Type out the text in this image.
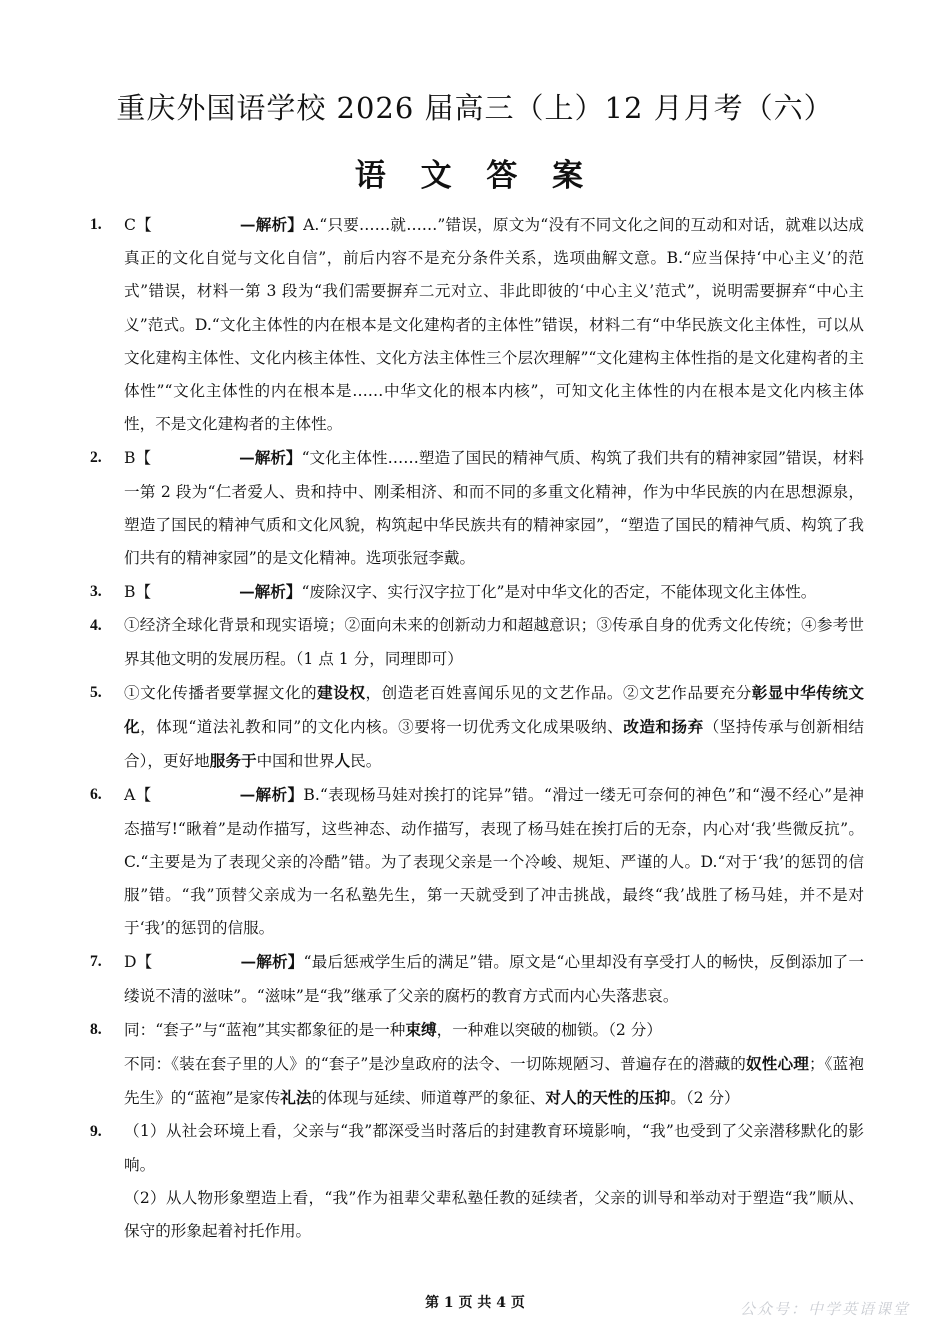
重庆外国语学校 2026 届高三（上）12 月月考（六）
语 文 答 案
1. C【	—解析】A.“只要……就……”错误，原文为“没有不同文化之间的互动和对话，就难以达成真正的文化自觉与文化自信”，前后内容不是充分条件关系，选项曲解文意。B.“应当保持‘中心主义’的范式”错误，材料一第 3 段为“我们需要摒弃二元对立、非此即彼的‘中心主义’范式”，说明需要摒弃“中心主义”范式。D.“文化主体性的内在根本是文化建构者的主体性”错误，材料二有“中华民族文化主体性，可以从文化建构主体性、文化内核主体性、文化方法主体性三个层次理解”“文化建构主体性指的是文化建构者的主体性”“文化主体性的内在根本是……中华文化的根本内核”，可知文化主体性的内在根本是文化内核主体性，不是文化建构者的主体性。

2. B【	—解析】“文化主体性……塑造了国民的精神气质、构筑了我们共有的精神家园”错误，材料一第 2 段为“仁者爱人、贵和持中、刚柔相济、和而不同的多重文化精神，作为中华民族的内在思想源泉，塑造了国民的精神气质和文化风貌，构筑起中华民族共有的精神家园”，“塑造了国民的精神气质、构筑了我们共有的精神家园”的是文化精神。选项张冠李戴。

3. B【	—解析】“废除汉字、实行汉字拉丁化”是对中华文化的否定，不能体现文化主体性。

4. ①经济全球化背景和现实语境；②面向未来的创新动力和超越意识；③传承自身的优秀文化传统；④参考世界其他文明的发展历程。（1 点 1 分，同理即可）

5. ①文化传播者要掌握文化的建设权，创造老百姓喜闻乐见的文艺作品。②文艺作品要充分彰显中华传统文化，体现“道法礼教和同”的文化内核。③要将一切优秀文化成果吸纳、改造和扬弃（坚持传承与创新相结合），更好地服务于中国和世界人民。

6. A【	—解析】B.“表现杨马娃对挨打的诧异”错。“滑过一缕无可奈何的神色”和“漫不经心”是神态描写!“瞅着”是动作描写，这些神态、动作描写，表现了杨马娃在挨打后的无奈，内心对‘我’些微反抗”。C.“主要是为了表现父亲的冷酷”错。为了表现父亲是一个冷峻、规矩、严谨的人。D.“对于‘我’的惩罚的信服”错。“我”顶替父亲成为一名私塾先生，第一天就受到了冲击挑战，最终“我’战胜了杨马娃，并不是对于‘我’的惩罚的信服。

7. D【	—解析】“最后惩戒学生后的满足”错。原文是“心里却没有享受打人的畅快，反倒添加了一缕说不清的滋味”。“滋味”是“我”继承了父亲的腐朽的教育方式而内心失落悲哀。

8. 同：“套子”与“蓝袍”其实都象征的是一种束缚，一种难以突破的枷锁。（2 分）

不同：《装在套子里的人》的“套子”是沙皇政府的法令、一切陈规陋习、普遍存在的潜藏的奴性心理；《蓝袍先生》的“蓝袍”是家传礼法的体现与延续、师道尊严的象征、对人的天性的压抑。（2 分）

9. （1）从社会环境上看，父亲与“我”都深受当时落后的封建教育环境影响，“我”也受到了父亲潜移默化的影响。

（2）从人物形象塑造上看，“我”作为祖辈父辈私塾任教的延续者，父亲的训导和举动对于塑造“我”顺从、保守的形象起着衬托作用。

第 1 页 共 4 页	公众号：中学英语课堂
